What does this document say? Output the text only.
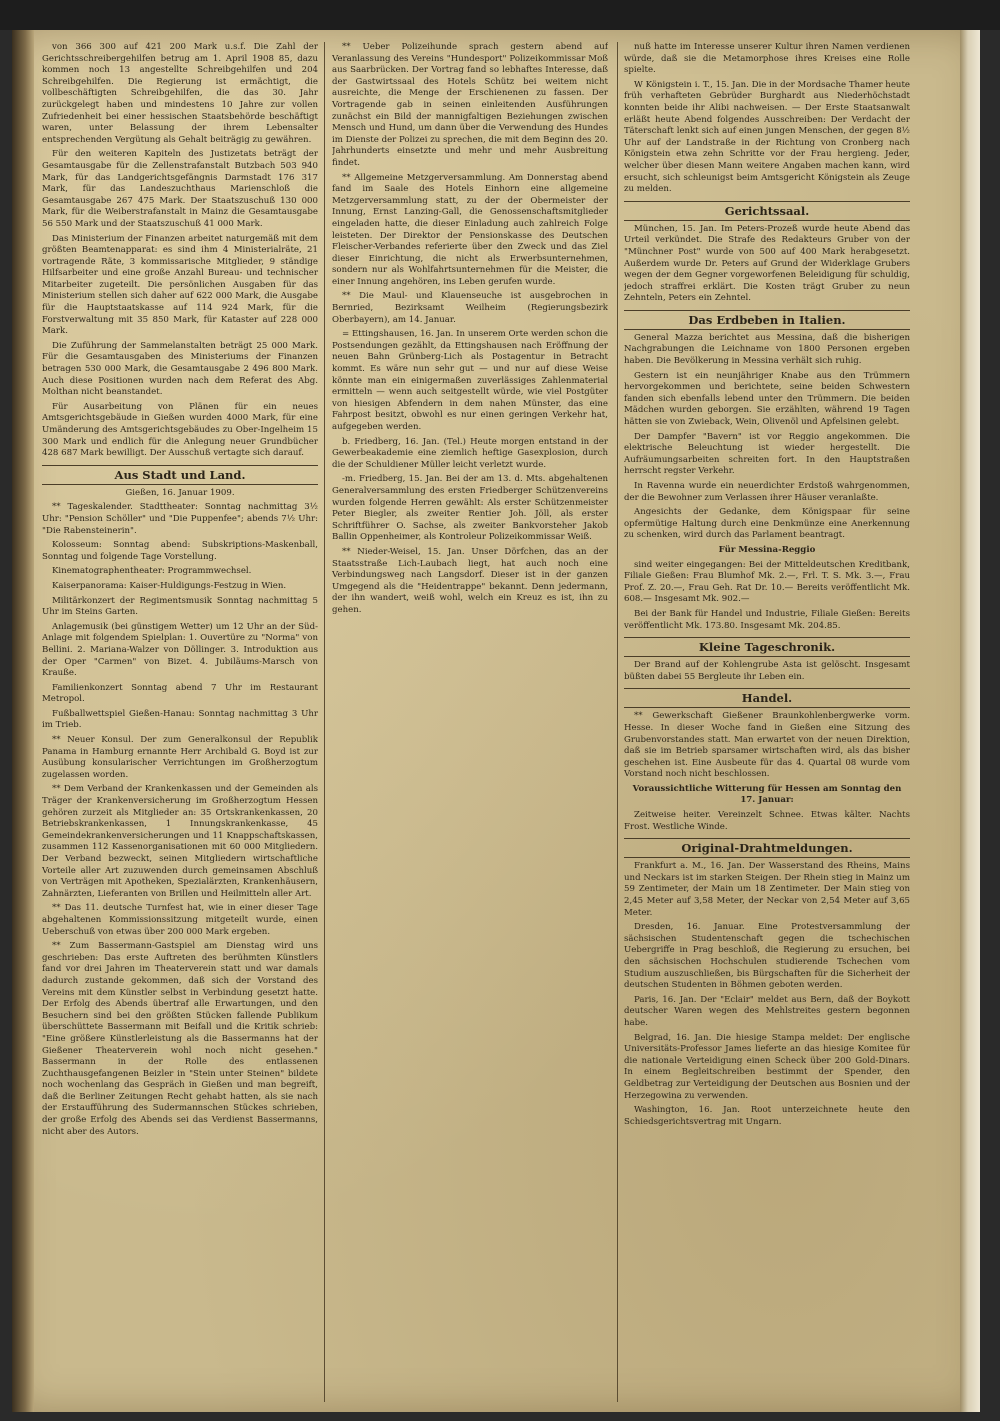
von 366 300 auf 421 200 Mark u.s.f. Die Zahl der Gerichtsschreibergehilfen betrug am 1. April 1908 85, dazu kommen noch 13 angestellte Schreibgehilfen und 204 Schreibgehilfen. Die Regierung ist ermächtigt, die vollbeschäftigten Schreibgehilfen, die das 30. Jahr zurückgelegt haben und mindestens 10 Jahre zur vollen Zufriedenheit bei einer hessischen Staatsbehörde beschäftigt waren, unter Belassung der ihrem Lebensalter entsprechenden Vergütung als Gehalt beiträgig zu gewähren.

Für den weiteren Kapiteln des Justizetats beträgt der Gesamtausgabe für die Zellenstrafanstalt Butzbach 503 940 Mark, für das Landgerichtsgefängnis Darmstadt 176 317 Mark, für das Landeszuchthaus Marienschloß die Gesamtausgabe 267 475 Mark. Der Staatszuschuß 130 000 Mark, für die Weiberstrafanstalt in Mainz die Gesamtausgabe 56 550 Mark und der Staatszuschuß 41 000 Mark.

Das Ministerium der Finanzen arbeitet naturgemäß mit dem größten Beamtenapparat: es sind ihm 4 Ministerialräte, 21 vortragende Räte, 3 kommissarische Mitglieder, 9 ständige Hilfsarbeiter und eine große Anzahl Bureau- und technischer Mitarbeiter zugeteilt. Die persönlichen Ausgaben für das Ministerium stellen sich daher auf 622 000 Mark, die Ausgabe für die Hauptstaatskasse auf 114 924 Mark, für die Forstverwaltung mit 35 850 Mark, für Kataster auf 228 000 Mark.

Die Zuführung der Sammelanstalten beträgt 25 000 Mark. Für die Gesamtausgaben des Ministeriums der Finanzen betragen 530 000 Mark, die Gesamtausgabe 2 496 800 Mark. Auch diese Positionen wurden nach dem Referat des Abg. Molthan nicht beanstandet.

Für Ausarbeitung von Plänen für ein neues Amtsgerichtsgebäude in Gießen wurden 4000 Mark, für eine Umänderung des Amtsgerichtsgebäudes zu Ober-Ingelheim 15 300 Mark und endlich für die Anlegung neuer Grundbücher 428 687 Mark bewilligt. Der Ausschuß vertagte sich darauf.

Aus Stadt und Land.
Gießen, 16. Januar 1909.

** Tageskalender. Stadttheater: Sonntag nachmittag 3½ Uhr: "Pension Schöller" und "Die Puppenfee"; abends 7½ Uhr: "Die Rabensteinerin".

Kolosseum: Sonntag abend: Subskriptions-Maskenball, Sonntag und folgende Tage Vorstellung.

Kinematographentheater: Programmwechsel.

Kaiserpanorama: Kaiser-Huldigungs-Festzug in Wien.

Militärkonzert der Regimentsmusik Sonntag nachmittag 5 Uhr im Steins Garten.

Anlagemusik (bei günstigem Wetter) um 12 Uhr an der Süd-Anlage mit folgendem Spielplan: 1. Ouvertüre zu "Norma" von Bellini. 2. Mariana-Walzer von Döllinger. 3. Introduktion aus der Oper "Carmen" von Bizet. 4. Jubiläums-Marsch von Krauße.

Familienkonzert Sonntag abend 7 Uhr im Restaurant Metropol.

Fußballwettspiel Gießen-Hanau: Sonntag nachmittag 3 Uhr im Trieb.

** Neuer Konsul. Der zum Generalkonsul der Republik Panama in Hamburg ernannte Herr Archibald G. Boyd ist zur Ausübung konsularischer Verrichtungen im Großherzogtum zugelassen worden.

** Dem Verband der Krankenkassen und der Gemeinden als Träger der Krankenversicherung im Großherzogtum Hessen gehören zurzeit als Mitglieder an: 35 Ortskrankenkassen, 20 Betriebskrankenkassen, 1 Innungskrankenkasse, 45 Gemeindekrankenversicherungen und 11 Knappschaftskassen, zusammen 112 Kassenorganisationen mit 60 000 Mitgliedern. Der Verband bezweckt, seinen Mitgliedern wirtschaftliche Vorteile aller Art zuzuwenden durch gemeinsamen Abschluß von Verträgen mit Apotheken, Spezialärzten, Krankenhäusern, Zahnärzten, Lieferanten von Brillen und Heilmitteln aller Art.

** Das 11. deutsche Turnfest hat, wie in einer dieser Tage abgehaltenen Kommissionssitzung mitgeteilt wurde, einen Ueberschuß von etwas über 200 000 Mark ergeben.

** Zum Bassermann-Gastspiel am Dienstag wird uns geschrieben: Das erste Auftreten des berühmten Künstlers fand vor drei Jahren im Theaterverein statt und war damals dadurch zustande gekommen, daß sich der Vorstand des Vereins mit dem Künstler selbst in Verbindung gesetzt hatte. Der Erfolg des Abends übertraf alle Erwartungen, und den Besuchern sind bei den größten Stücken fallende Publikum überschüttete Bassermann mit Beifall und die Kritik schrieb: "Eine größere Künstlerleistung als die Bassermanns hat der Gießener Theaterverein wohl noch nicht gesehen." Bassermann in der Rolle des entlassenen Zuchthausgefangenen Beizler in "Stein unter Steinen" bildete noch wochenlang das Gespräch in Gießen und man begreift, daß die Berliner Zeitungen Recht gehabt hatten, als sie nach der Erstaufführung des Sudermannschen Stückes schrieben, der große Erfolg des Abends sei das Verdienst Bassermanns, nicht aber des Autors.

** Ueber Polizeihunde sprach gestern abend auf Veranlassung des Vereins "Hundesport" Polizeikommissar Moß aus Saarbrücken. Der Vortrag fand so lebhaftes Interesse, daß der Gastwirtssaal des Hotels Schütz bei weitem nicht ausreichte, die Menge der Erschienenen zu fassen. Der Vortragende gab in seinen einleitenden Ausführungen zunächst ein Bild der mannigfaltigen Beziehungen zwischen Mensch und Hund, um dann über die Verwendung des Hundes im Dienste der Polizei zu sprechen, die mit dem Beginn des 20. Jahrhunderts einsetzte und mehr und mehr Ausbreitung findet.

** Allgemeine Metzgerversammlung. Am Donnerstag abend fand im Saale des Hotels Einhorn eine allgemeine Metzgerversammlung statt, zu der der Obermeister der Innung, Ernst Lanzing-Gall, die Genossenschaftsmitglieder eingeladen hatte, die dieser Einladung auch zahlreich Folge leisteten. Der Direktor der Pensionskasse des Deutschen Fleischer-Verbandes referierte über den Zweck und das Ziel dieser Einrichtung, die nicht als Erwerbsunternehmen, sondern nur als Wohlfahrtsunternehmen für die Meister, die einer Innung angehören, ins Leben gerufen wurde.

** Die Maul- und Klauenseuche ist ausgebrochen in Bernried, Bezirksamt Weilheim (Regierungsbezirk Oberbayern), am 14. Januar.

= Ettingshausen, 16. Jan. In unserem Orte werden schon die Postsendungen gezählt, da Ettingshausen nach Eröffnung der neuen Bahn Grünberg-Lich als Postagentur in Betracht kommt. Es wäre nun sehr gut — und nur auf diese Weise könnte man ein einigermaßen zuverlässiges Zahlenmaterial ermitteln — wenn auch seitgestellt würde, wie viel Postgüter von hiesigen Abfendern in dem nahen Münster, das eine Fahrpost besitzt, obwohl es nur einen geringen Verkehr hat, aufgegeben werden.

b. Friedberg, 16. Jan. (Tel.) Heute morgen entstand in der Gewerbeakademie eine ziemlich heftige Gasexplosion, durch die der Schuldiener Müller leicht verletzt wurde.

-m. Friedberg, 15. Jan. Bei der am 13. d. Mts. abgehaltenen Generalversammlung des ersten Friedberger Schützenvereins wurden folgende Herren gewählt: Als erster Schützenmeister Peter Biegler, als zweiter Rentier Joh. Jöll, als erster Schriftführer O. Sachse, als zweiter Bankvorsteher Jakob Ballin Oppenheimer, als Kontroleur Polizeikommissar Weiß.

** Nieder-Weisel, 15. Jan. Unser Dörfchen, das an der Staatsstraße Lich-Laubach liegt, hat auch noch eine Verbindungsweg nach Langsdorf. Dieser ist in der ganzen Umgegend als die "Heidentrappe" bekannt. Denn jedermann, der ihn wandert, weiß wohl, welch ein Kreuz es ist, ihn zu gehen.

nuß hatte im Interesse unserer Kultur ihren Namen verdienen würde, daß sie die Metamorphose ihres Kreises eine Rolle spielte.

W Königstein i. T., 15. Jan. Die in der Mordsache Thamer heute früh verhafteten Gebrüder Burghardt aus Niederhöchstadt konnten beide ihr Alibi nachweisen. — Der Erste Staatsanwalt erläßt heute Abend folgendes Ausschreiben: Der Verdacht der Täterschaft lenkt sich auf einen jungen Menschen, der gegen 8½ Uhr auf der Landstraße in der Richtung von Cronberg nach Königstein etwa zehn Schritte vor der Frau hergieng. Jeder, welcher über diesen Mann weitere Angaben machen kann, wird ersucht, sich schleunigst beim Amtsgericht Königstein als Zeuge zu melden.

Gerichtssaal.

München, 15. Jan. Im Peters-Prozeß wurde heute Abend das Urteil verkündet. Die Strafe des Redakteurs Gruber von der "Münchner Post" wurde von 500 auf 400 Mark herabgesetzt. Außerdem wurde Dr. Peters auf Grund der Widerklage Grubers wegen der dem Gegner vorgeworfenen Beleidigung für schuldig, jedoch straffrei erklärt. Die Kosten trägt Gruber zu neun Zehnteln, Peters ein Zehntel.

Das Erdbeben in Italien.

General Mazza berichtet aus Messina, daß die bisherigen Nachgrabungen die Leichname von 1800 Personen ergeben haben. Die Bevölkerung in Messina verhält sich ruhig.

Gestern ist ein neunjähriger Knabe aus den Trümmern hervorgekommen und berichtete, seine beiden Schwestern fanden sich ebenfalls lebend unter den Trümmern. Die beiden Mädchen wurden geborgen. Sie erzählten, während 19 Tagen hätten sie von Zwieback, Wein, Olivenöl und Apfelsinen gelebt.

Der Dampfer "Bavern" ist vor Reggio angekommen. Die elektrische Beleuchtung ist wieder hergestellt. Die Aufräumungsarbeiten schreiten fort. In den Hauptstraßen herrscht regster Verkehr.

In Ravenna wurde ein neuerdichter Erdstoß wahrgenommen, der die Bewohner zum Verlassen ihrer Häuser veranlaßte.

Angesichts der Gedanke, dem Königspaar für seine opfermütige Haltung durch eine Denkmünze eine Anerkennung zu schenken, wird durch das Parlament beantragt.

Für Messina-Reggio

sind weiter eingegangen: Bei der Mitteldeutschen Kreditbank, Filiale Gießen: Frau Blumhof Mk. 2.—, Frl. T. S. Mk. 3.—, Frau Prof. Z. 20.—, Frau Geh. Rat Dr. 10.— Bereits veröffentlicht Mk. 608.— Insgesamt Mk. 902.—

Bei der Bank für Handel und Industrie, Filiale Gießen: Bereits veröffentlicht Mk. 173.80. Insgesamt Mk. 204.85.

Kleine Tageschronik.

Der Brand auf der Kohlengrube Asta ist gelöscht. Insgesamt büßten dabei 55 Bergleute ihr Leben ein.

Handel.

** Gewerkschaft Gießener Braunkohlenbergwerke vorm. Hesse. In dieser Woche fand in Gießen eine Sitzung des Grubenvorstandes statt. Man erwartet von der neuen Direktion, daß sie im Betrieb sparsamer wirtschaften wird, als das bisher geschehen ist. Eine Ausbeute für das 4. Quartal 08 wurde vom Vorstand noch nicht beschlossen.

Voraussichtliche Witterung für Hessen am Sonntag den 17. Januar:

Zeitweise heiter. Vereinzelt Schnee. Etwas kälter. Nachts Frost. Westliche Winde.

Original-Drahtmeldungen.

Frankfurt a. M., 16. Jan. Der Wasserstand des Rheins, Mains und Neckars ist im starken Steigen. Der Rhein stieg in Mainz um 59 Zentimeter, der Main um 18 Zentimeter. Der Main stieg von 2,45 Meter auf 3,58 Meter, der Neckar von 2,54 Meter auf 3,65 Meter.

Dresden, 16. Januar. Eine Protestversammlung der sächsischen Studentenschaft gegen die tschechischen Uebergriffe in Prag beschloß, die Regierung zu ersuchen, bei den sächsischen Hochschulen studierende Tschechen vom Studium auszuschließen, bis Bürgschaften für die Sicherheit der deutschen Studenten in Böhmen geboten werden.

Paris, 16. Jan. Der "Eclair" meldet aus Bern, daß der Boykott deutscher Waren wegen des Mehlstreites gestern begonnen habe.

Belgrad, 16. Jan. Die hiesige Stampa meldet: Der englische Universitäts-Professor James lieferte an das hiesige Komitee für die nationale Verteidigung einen Scheck über 200 Gold-Dinars. In einem Begleitschreiben bestimmt der Spender, den Geldbetrag zur Verteidigung der Deutschen aus Bosnien und der Herzegowina zu verwenden.

Washington, 16. Jan. Root unterzeichnete heute den Schiedsgerichtsvertrag mit Ungarn.
